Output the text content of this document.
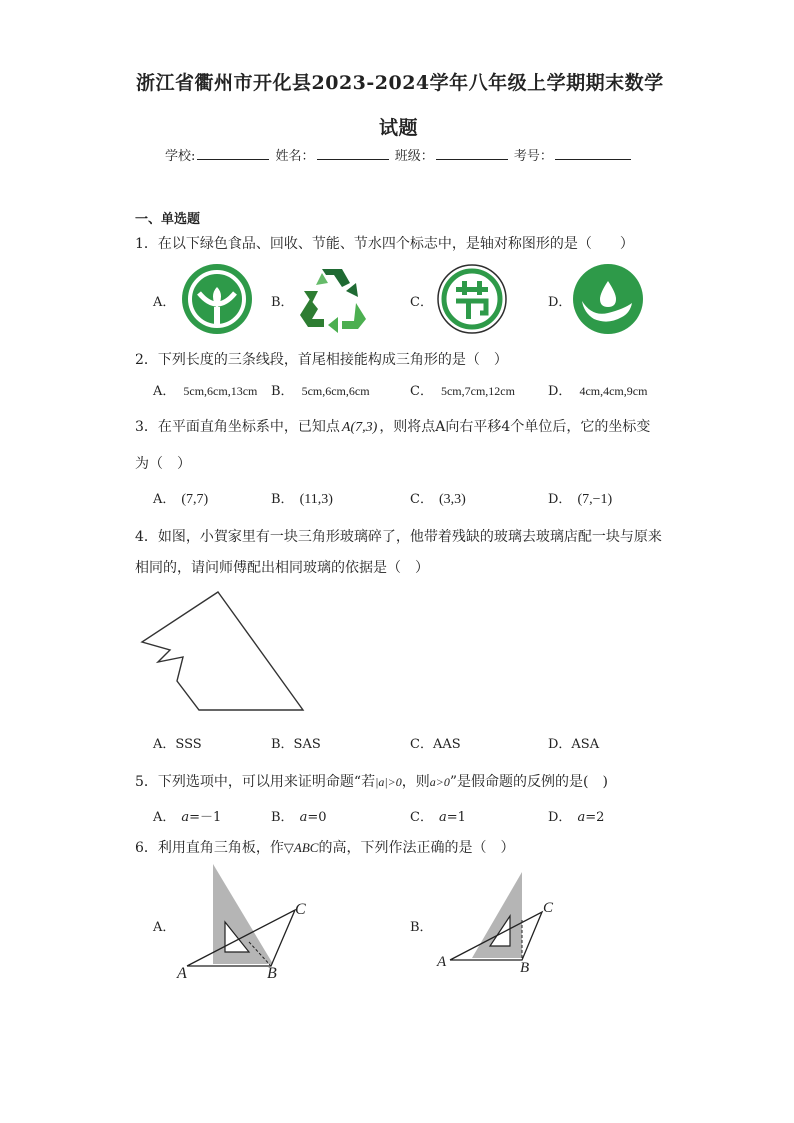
浙江省衢州市开化县2023-2024学年八年级上学期期末数学
试题
学校:	姓名：	班级：	考号：
一、单选题
1．在以下绿色食品、回收、节能、节水四个标志中，是轴对称图形的是（　　）
A．	B．	C．	D．
2．下列长度的三条线段，首尾相接能构成三角形的是（　）
A． 5cm,6cm,13cm B． 5cm,6cm,6cm	C． 5cm,7cm,12cm	D． 4cm,4cm,9cm
3．在平面直角坐标系中，已知点 A(7,3) ，则将点A向右平移4个单位后，它的坐标变
为（　）
A． (7,7)	B． (11,3)	C． (3,3)	D． (7,−1)
4．如图，小賀家里有一块三角形玻璃碎了，他带着残缺的玻璃去玻璃店配一块与原来
相同的，请问师傅配出相同玻璃的依据是（　）
A．SSS	B．SAS	C．AAS	D．ASA
5．下列选项中，可以用来证明命题“若|a|>0，则a>0”是假命题的反例的是(　)
A． a=－1	B． a=0	C． a=1	D． a=2
6．利用直角三角板，作▽ABC的高，下列作法正确的是（　）
A．
A	B
C
B．
A	B
C
